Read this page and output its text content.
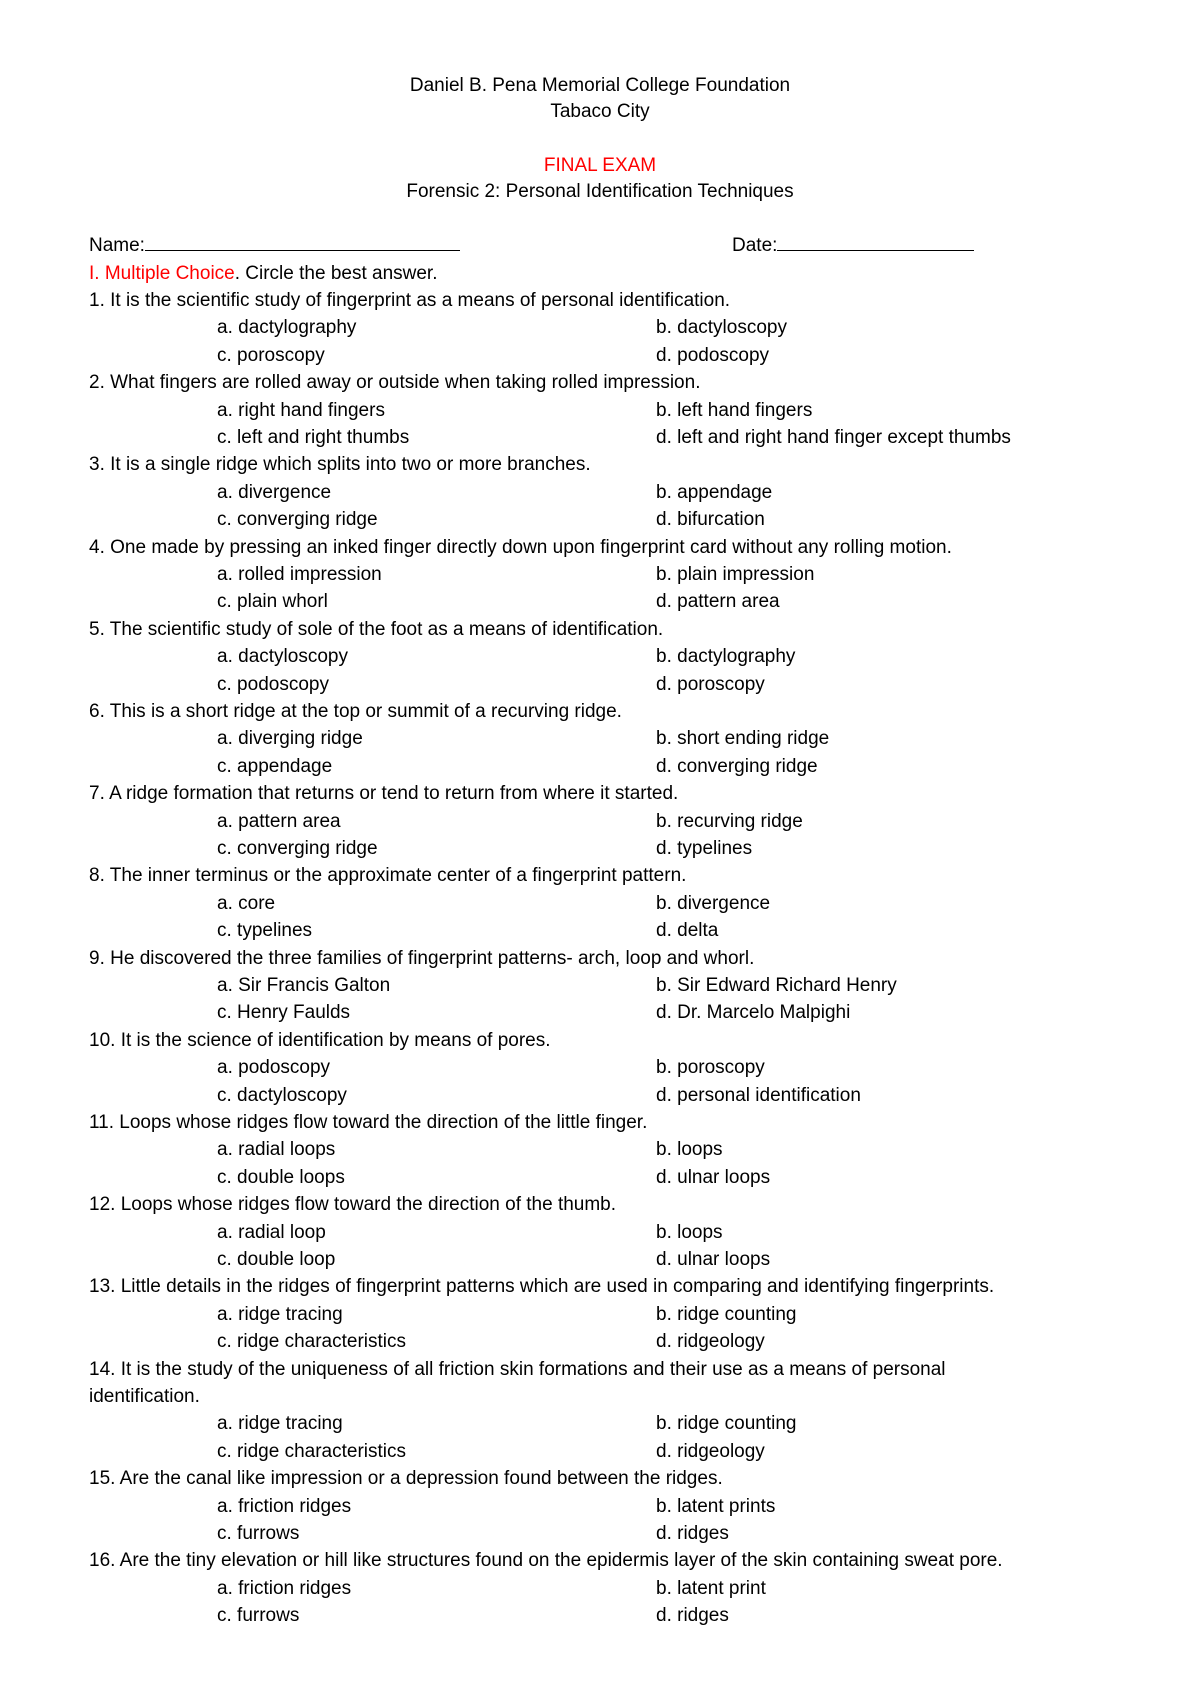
Daniel B. Pena Memorial College Foundation
Tabaco City
FINAL EXAM
Forensic 2: Personal Identification Techniques
Name:	Date:
I. Multiple Choice. Circle the best answer.
1. It is the scientific study of fingerprint as a means of personal identification.
a. dactylography	b. dactyloscopy
c. poroscopy	d. podoscopy
2. What fingers are rolled away or outside when taking rolled impression.
a. right hand fingers	b. left hand fingers
c. left and right thumbs	d. left and right hand finger except thumbs
3. It is a single ridge which splits into two or more branches.
a. divergence	b. appendage
c. converging ridge	d. bifurcation
4. One made by pressing an inked finger directly down upon fingerprint card without any rolling motion.
a. rolled impression	b. plain impression
c. plain whorl	d. pattern area
5. The scientific study of sole of the foot as a means of identification.
a. dactyloscopy	b. dactylography
c. podoscopy	d. poroscopy
6. This is a short ridge at the top or summit of a recurving ridge.
a. diverging ridge	b. short ending ridge
c. appendage	d. converging ridge
7. A ridge formation that returns or tend to return from where it started.
a. pattern area	b. recurving ridge
c. converging ridge	d. typelines
8. The inner terminus or the approximate center of a fingerprint pattern.
a. core	b. divergence
c. typelines	d. delta
9. He discovered the three families of fingerprint patterns- arch, loop and whorl.
a. Sir Francis Galton	b. Sir Edward Richard Henry
c. Henry Faulds	d. Dr. Marcelo Malpighi
10. It is the science of identification by means of pores.
a. podoscopy	b. poroscopy
c. dactyloscopy	d. personal identification
11. Loops whose ridges flow toward the direction of the little finger.
a. radial loops	b. loops
c. double loops	d. ulnar loops
12. Loops whose ridges flow toward the direction of the thumb.
a. radial loop	b. loops
c. double loop	d. ulnar loops
13. Little details in the ridges of fingerprint patterns which are used in comparing and identifying fingerprints.
a. ridge tracing	b. ridge counting
c. ridge characteristics	d. ridgeology
14. It is the study of the uniqueness of all friction skin formations and their use as a means of personal
identification.
a. ridge tracing	b. ridge counting
c. ridge characteristics	d. ridgeology
15. Are the canal like impression or a depression found between the ridges.
a. friction ridges	b. latent prints
c. furrows	d. ridges
16. Are the tiny elevation or hill like structures found on the epidermis layer of the skin containing sweat pore.
a. friction ridges	b. latent print
c. furrows	d. ridges
